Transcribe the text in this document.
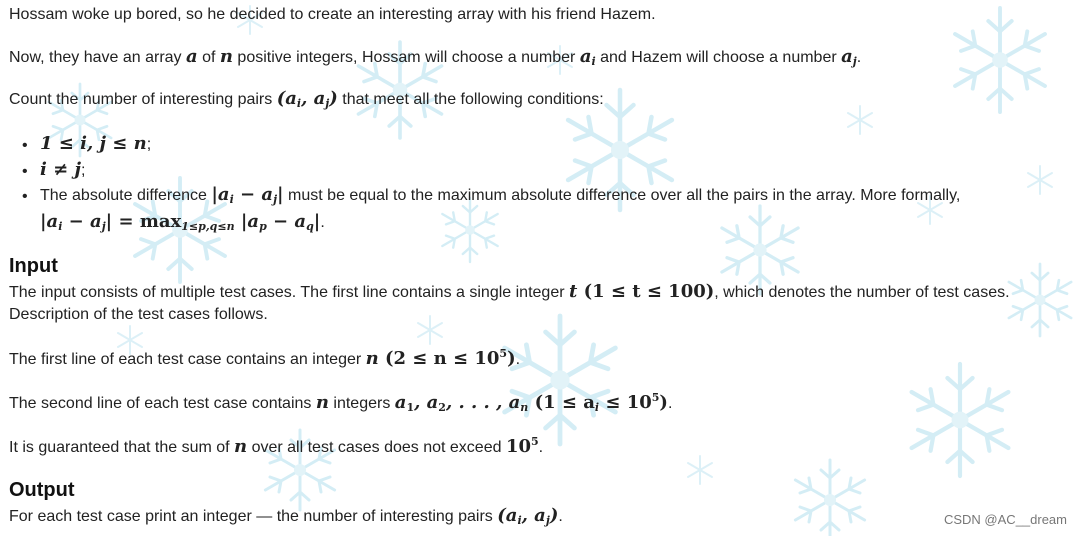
Hossam woke up bored, so he decided to create an interesting array with his friend Hazem.
Now, they have an array a of n positive integers, Hossam will choose a number $a_i$ and Hazem will choose a number $a_j$.
Count the number of interesting pairs ($a_i$, $a_j$) that meet all the following conditions:
• 1 ≤ i, j ≤ n;
• i ≠ j;
• The absolute difference $|a_i - a_j|$ must be equal to the maximum absolute difference over all the pairs in the array. More formally,
$|a_i - a_j| = \max_{1\le p,q\le n} |a_p - a_q|$.
Input
The input consists of multiple test cases. The first line contains a single integer t (1 ≤ t ≤ 100), which denotes the number of test cases.
Description of the test cases follows.
The first line of each test case contains an integer n $(2 \le n \le 10^5)$.
The second line of each test case contains n integers $a_1$, $a_2$, . . . , $a_n$ $(1 \le a_i \le 10^5)$.
It is guaranteed that the sum of n over all test cases does not exceed $10^5$.
Output
For each test case print an integer — the number of interesting pairs ($a_i$, $a_j$).	CSDN @AC__dream
